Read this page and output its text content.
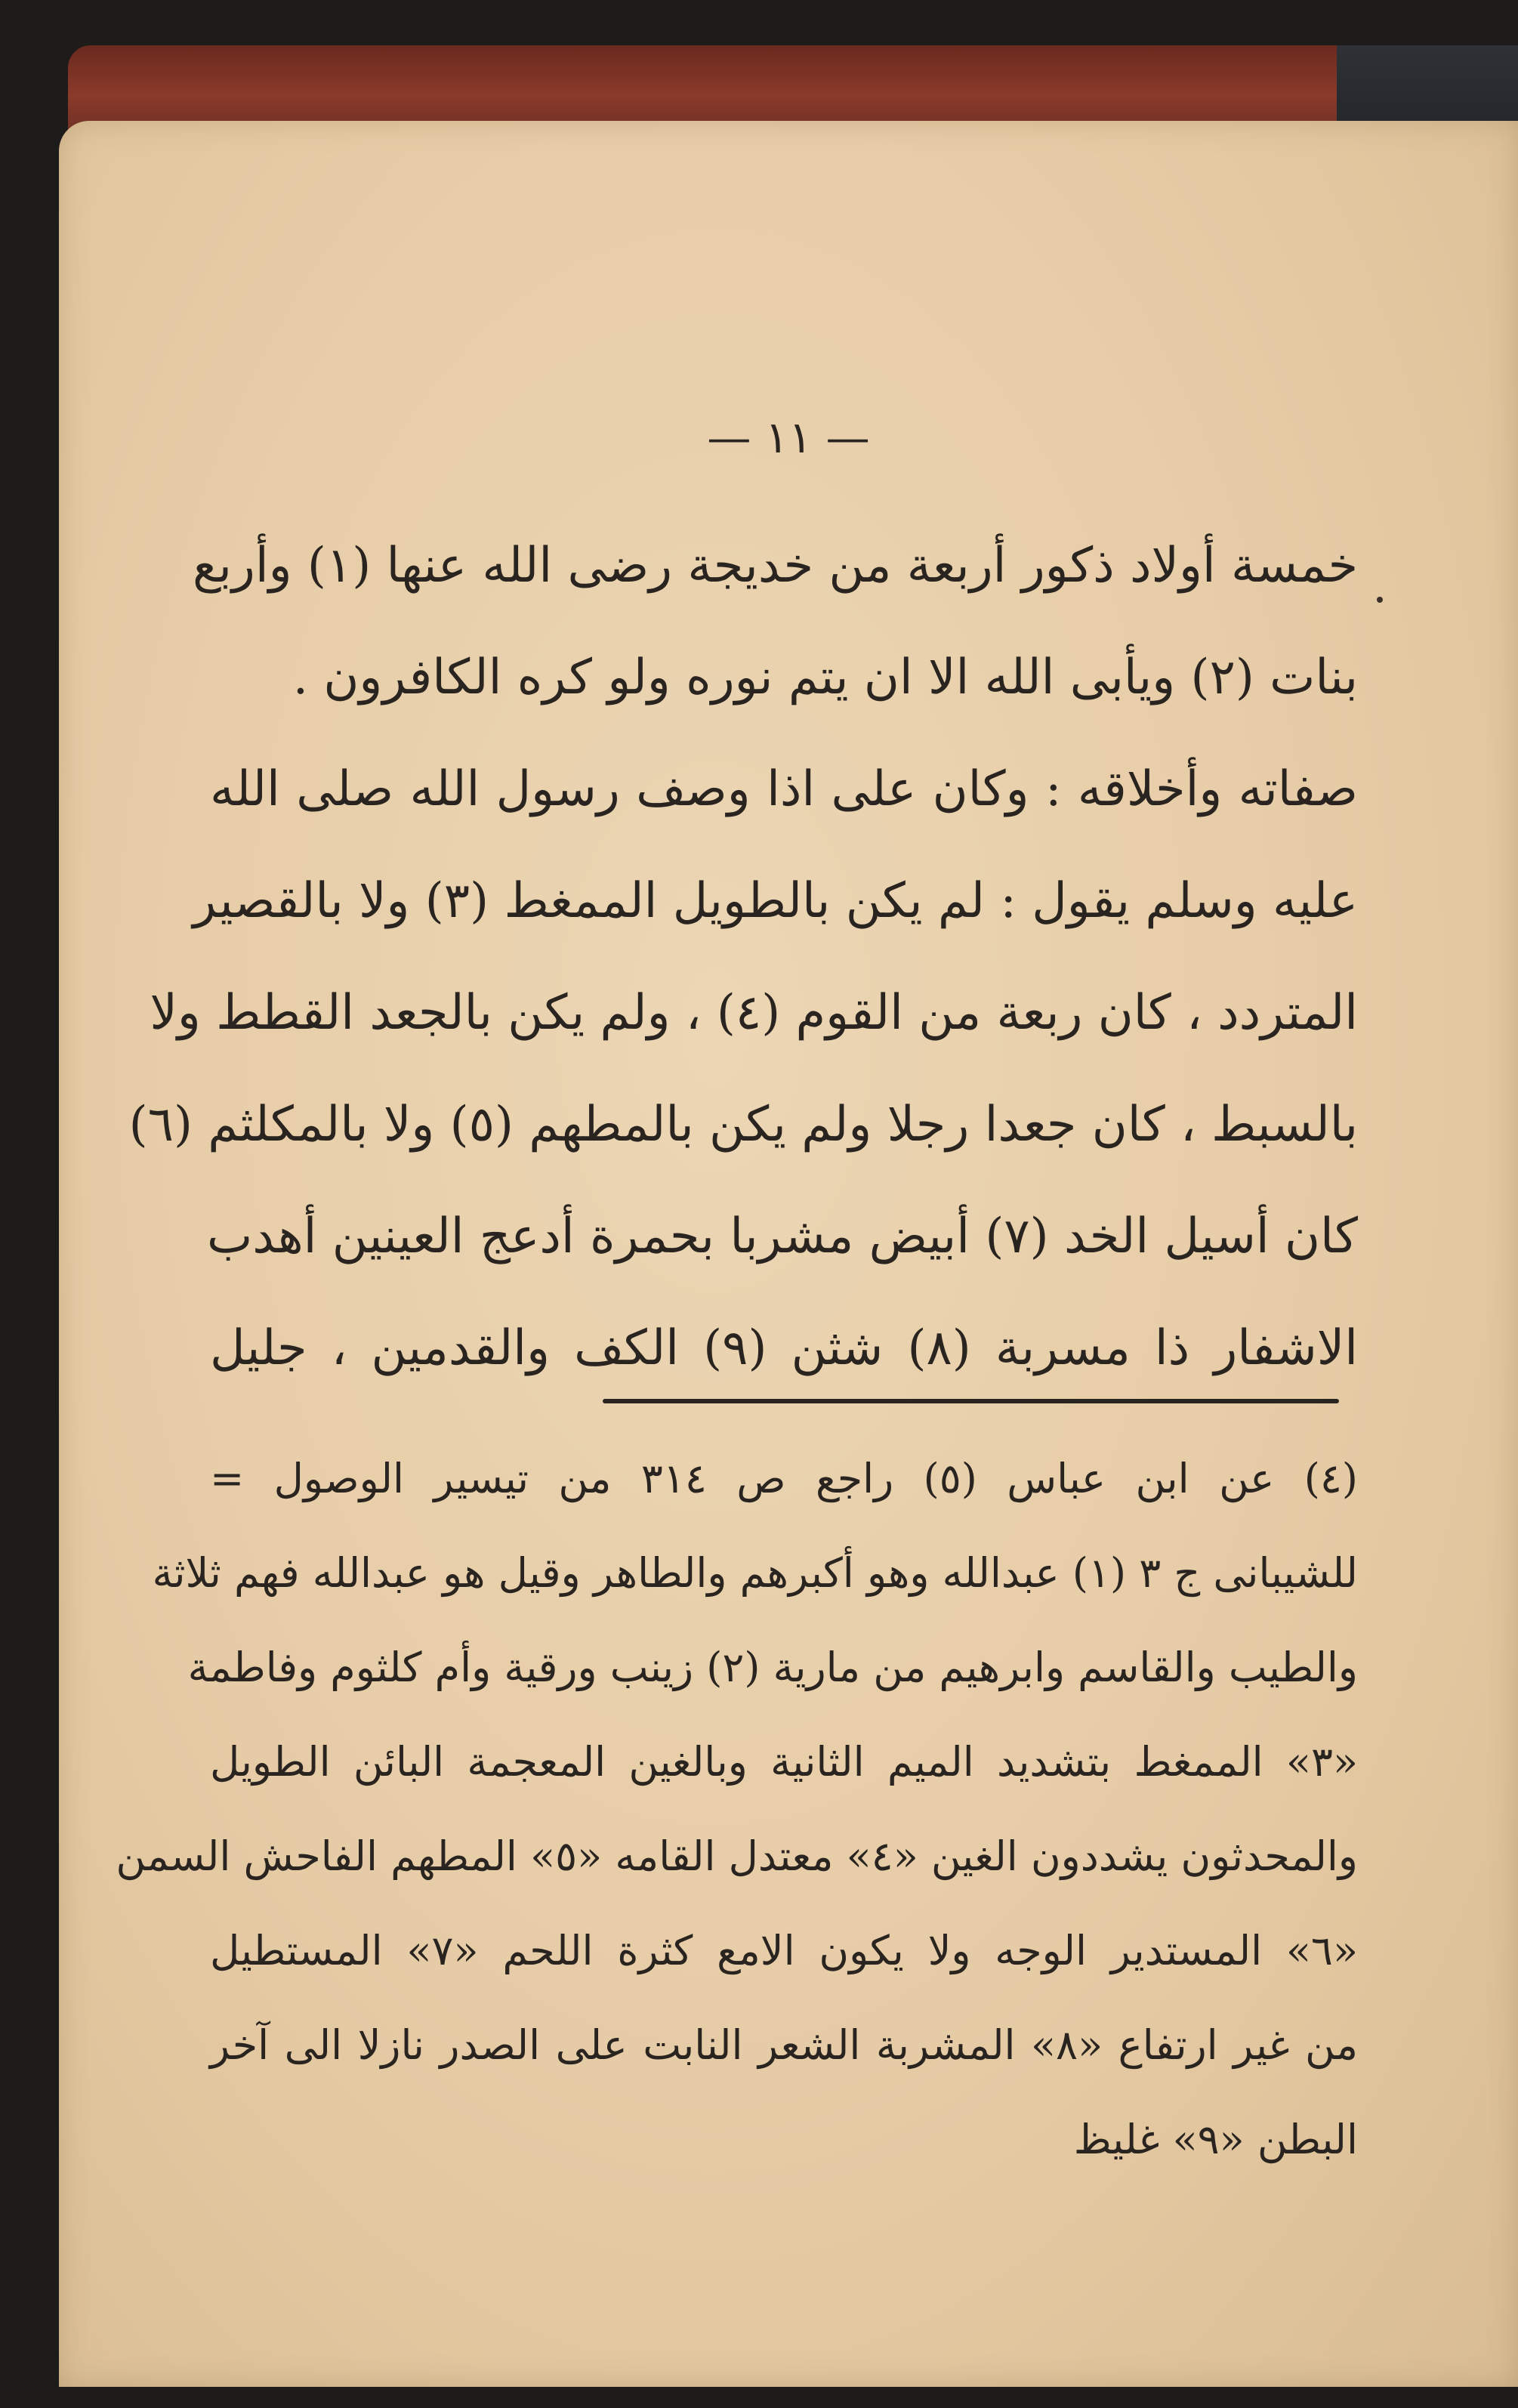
— ١١ —
خمسة أولاد ذكور أربعة من خديجة رضى الله عنها (١) وأربع
بنات (٢) ويأبى الله الا ان يتم نوره ولو كره الكافرون .
صفاته وأخلاقه : وكان على اذا وصف رسول الله صلى الله
عليه وسلم يقول : لم يكن بالطويل الممغط (٣) ولا بالقصير
المتردد ، كان ربعة من القوم (٤) ، ولم يكن بالجعد القطط ولا
بالسبط ، كان جعدا رجلا ولم يكن بالمطهم (٥) ولا بالمكلثم (٦)
كان أسيل الخد (٧) أبيض مشربا بحمرة أدعج العينين أهدب
الاشفار ذا مسربة (٨) شثن (٩) الكف والقدمين ، جليل
(٤) عن ابن عباس (٥) راجع ص ٣١٤ من تيسير الوصول =
للشيبانى ج ٣ (١) عبدالله وهو أكبرهم والطاهر وقيل هو عبدالله فهم ثلاثة
والطيب والقاسم وابرهيم من مارية (٢) زينب ورقية وأم كلثوم وفاطمة
«٣» الممغط بتشديد الميم الثانية وبالغين المعجمة البائن الطويل
والمحدثون يشددون الغين «٤» معتدل القامه «٥» المطهم الفاحش السمن
«٦» المستدير الوجه ولا يكون الامع كثرة اللحم «٧» المستطيل
من غير ارتفاع «٨» المشربة الشعر النابت على الصدر نازلا الى آخر
البطن «٩» غليظ
